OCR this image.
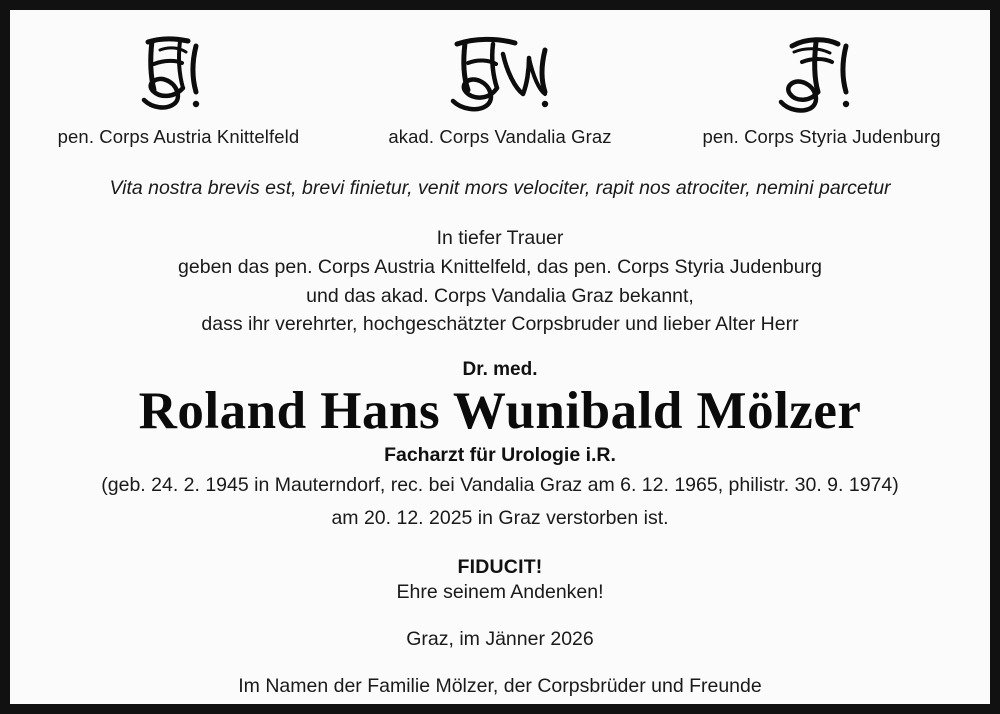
pen. Corps Austria Knittelfeld	akad. Corps Vandalia Graz	pen. Corps Styria Judenburg
Vita nostra brevis est, brevi finietur, venit mors velociter, rapit nos atrociter, nemini parcetur
In tiefer Trauer
geben das pen. Corps Austria Knittelfeld, das pen. Corps Styria Judenburg
und das akad. Corps Vandalia Graz bekannt,
dass ihr verehrter, hochgeschätzter Corpsbruder und lieber Alter Herr
Dr. med.
Roland Hans Wunibald Mölzer
Facharzt für Urologie i.R.
(geb. 24. 2. 1945 in Mauterndorf, rec. bei Vandalia Graz am 6. 12. 1965, philistr. 30. 9. 1974)
am 20. 12. 2025 in Graz verstorben ist.
FIDUCIT!
Ehre seinem Andenken!
Graz, im Jänner 2026
Im Namen der Familie Mölzer, der Corpsbrüder und Freunde
